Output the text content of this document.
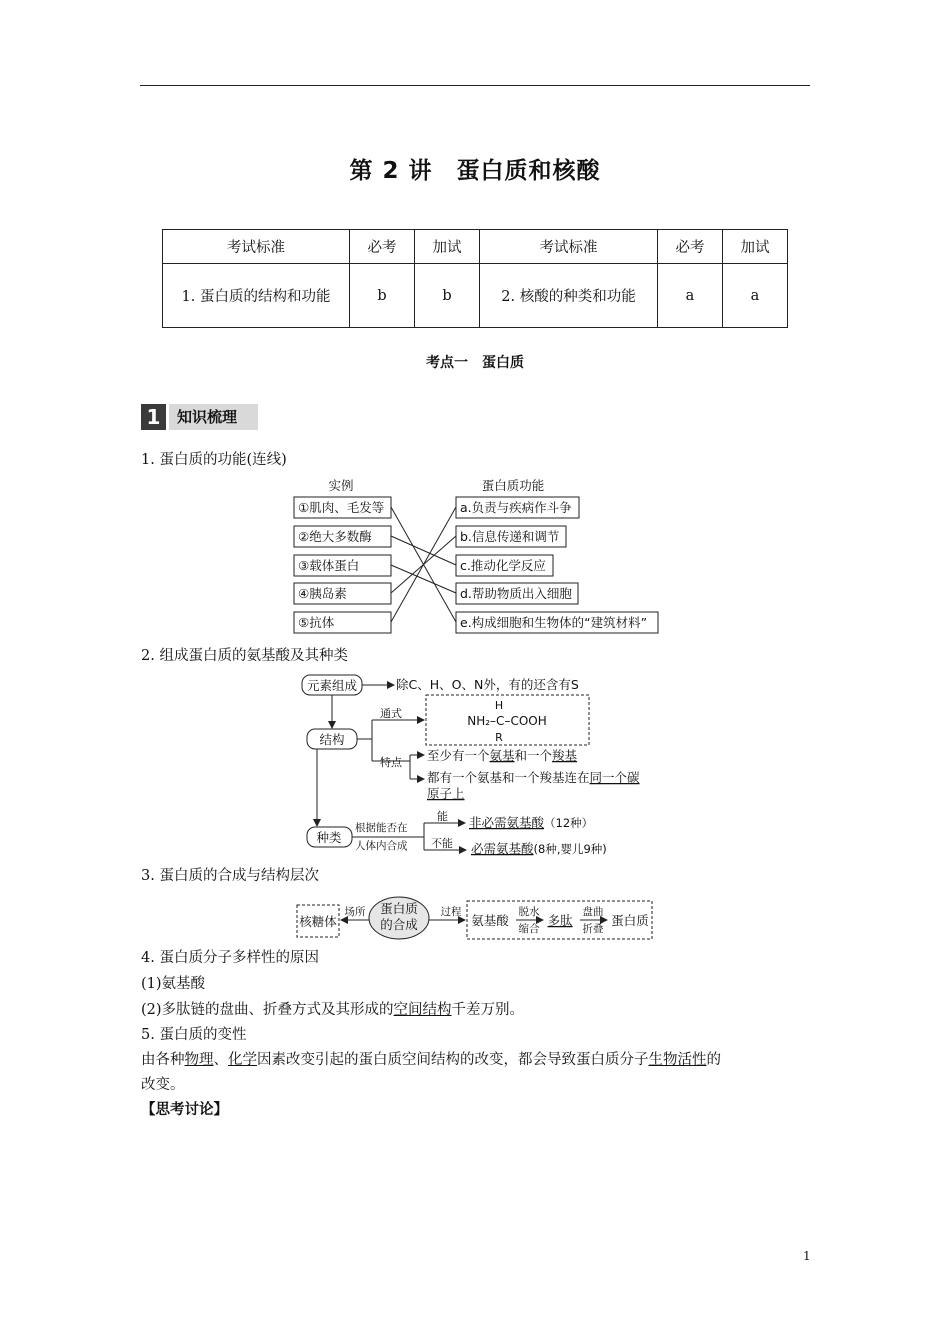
第 2 讲　蛋白质和核酸
考试标准	必考	加试	考试标准	必考	加试
1. 蛋白质的结构和功能	b	b	2. 核酸的种类和功能	a	a
考点一　蛋白质
1	知识梳理
1. 蛋白质的功能(连线)
实例	蛋白质功能
①肌肉、毛发等
②绝大多数酶
③载体蛋白
④胰岛素
⑤抗体
a.负责与疾病作斗争
b.信息传递和调节
c.推动化学反应
d.帮助物质出入细胞
e.构成细胞和生物体的“建筑材料”
元素组成	除C、H、O、N外，有的还含有S
结构
通式
H
NH₂–C–COOH
R
特点 至少有一个氨基和一个羧基
都有一个氨基和一个羧基连在同一个碳
原子上
种类
根据能否在
人体内合成
能
不能
非必需氨基酸（12种）
必需氨基酸(8种,婴儿9种)
核糖体
场所 蛋白质
的合成
过程
氨基酸
脱水
缩合
多肽
盘曲
折叠
蛋白质
2. 组成蛋白质的氨基酸及其种类
3. 蛋白质的合成与结构层次
4. 蛋白质分子多样性的原因
(1)氨基酸
(2)多肽链的盘曲、折叠方式及其形成的空间结构千差万别。
5. 蛋白质的变性
由各种物理、化学因素改变引起的蛋白质空间结构的改变，都会导致蛋白质分子生物活性的
改变。
【思考讨论】
1
